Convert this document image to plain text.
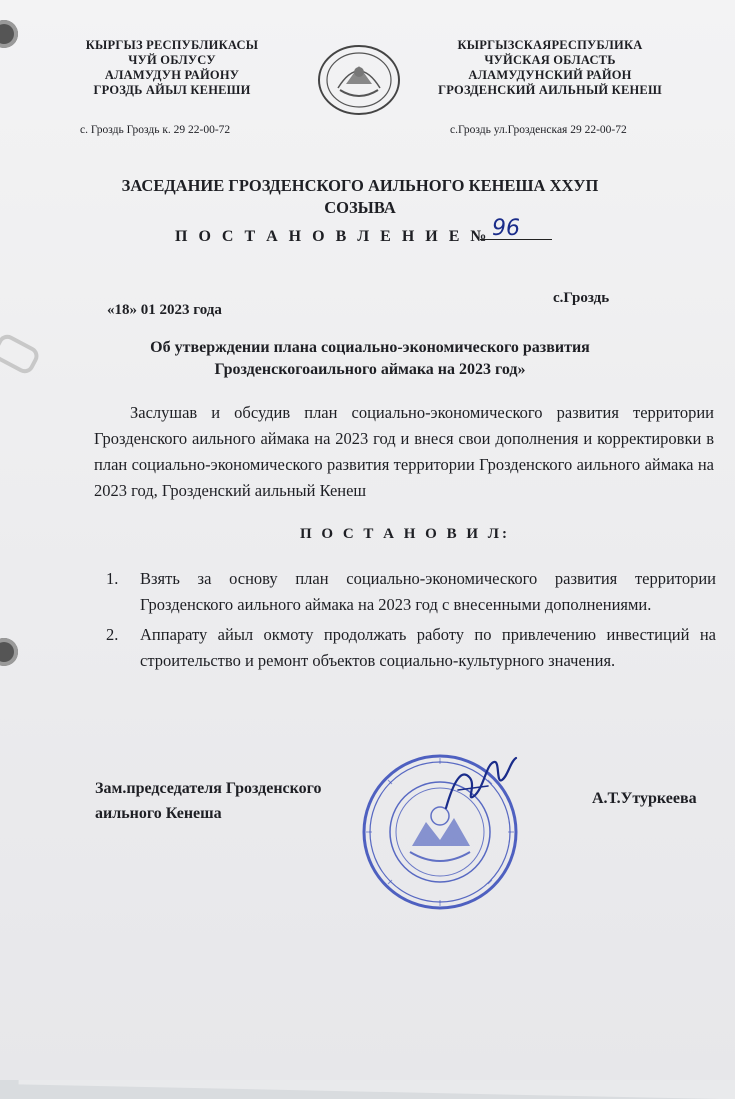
КЫРГЫЗ РЕСПУБЛИКАСЫ
ЧУЙ ОБЛУСУ
АЛАМУДУН РАЙОНУ
ГРОЗДЬ АЙЫЛ КЕНЕШИ
КЫРГЫЗСКАЯРЕСПУБЛИКА
ЧУЙСКАЯ ОБЛАСТЬ
АЛАМУДУНСКИЙ РАЙОН
ГРОЗДЕНСКИЙ АИЛЬНЫЙ КЕНЕШ
с. Гроздь Гроздь к. 29 22-00-72	с.Гроздь ул.Грозденская 29 22-00-72
ЗАСЕДАНИЕ ГРОЗДЕНСКОГО АИЛЬНОГО КЕНЕША XXУП СОЗЫВА
П О С Т А Н О В Л Е Н И Е № 96
«18» 01 2023 года
с.Гроздь
Об утверждении плана социально-экономического развития Грозденскогоаильного аймака на 2023 год»
Заслушав и обсудив план социально-экономического развития территории Грозденского аильного аймака на 2023 год и внеся свои дополнения и корректировки в план социально-экономического развития территории Грозденского аильного аймака на 2023 год, Грозденский аильный Кенеш
П О С Т А Н О В И Л:
1.	Взять за основу план социально-экономического развития территории Грозденского аильного аймака на 2023 год с внесенными дополнениями.
2.	Аппарату айыл окмоту продолжать работу по привлечению инвестиций на строительство и ремонт объектов социально-культурного значения.
Зам.председателя Грозденского
аильного Кенеша
А.Т.Утуркеева
